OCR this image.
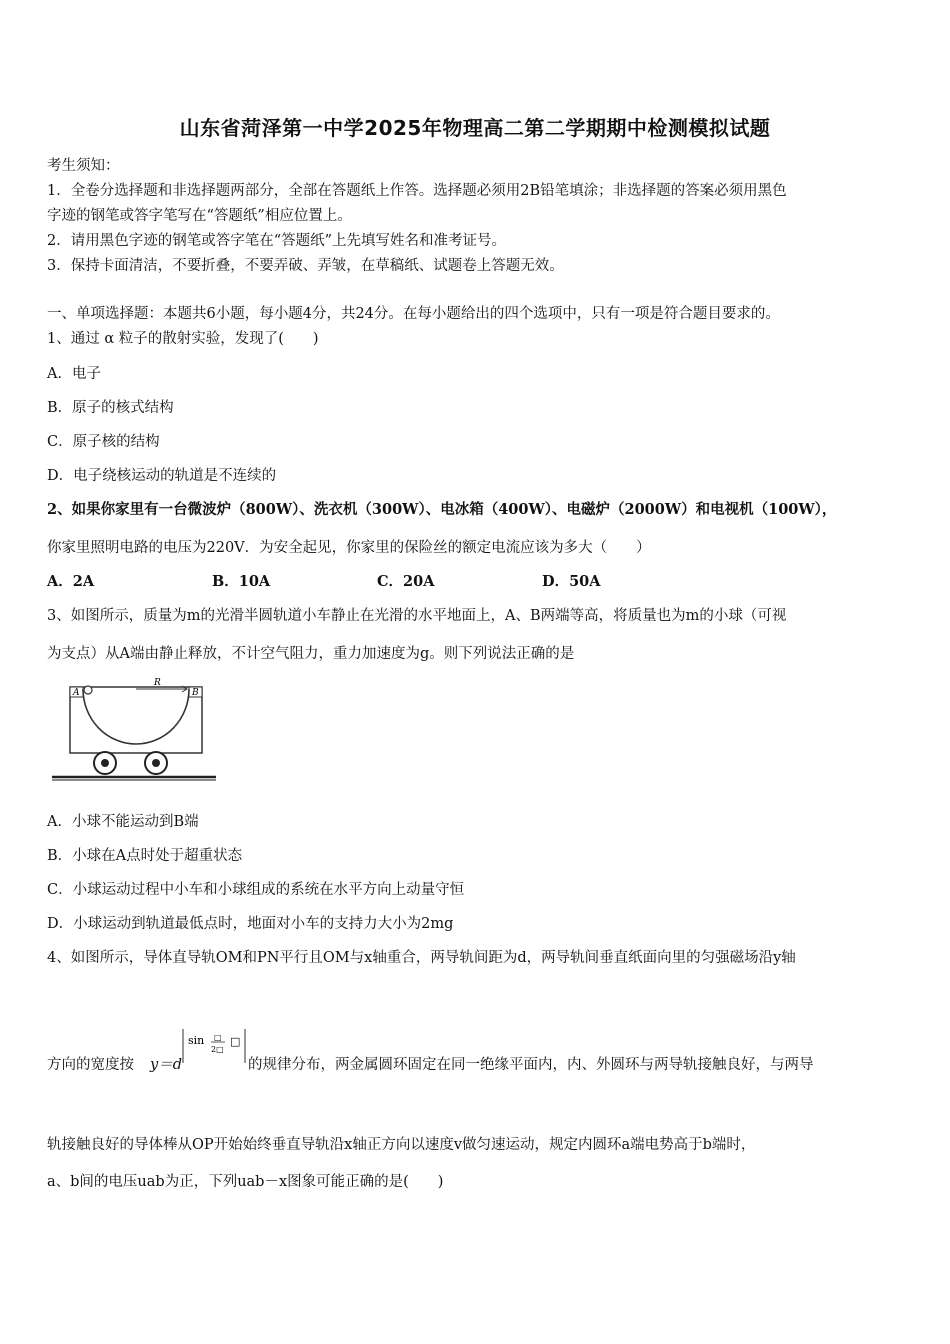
山东省菏泽第一中学2025年物理高二第二学期期中检测模拟试题
考生须知：
1．全卷分选择题和非选择题两部分，全部在答题纸上作答。选择题必须用2B铅笔填涂；非选择题的答案必须用黑色
字迹的钢笔或答字笔写在“答题纸”相应位置上。
2．请用黑色字迹的钢笔或答字笔在“答题纸”上先填写姓名和准考证号。
3．保持卡面清洁，不要折叠，不要弄破、弄皱，在草稿纸、试题卷上答题无效。
一、单项选择题：本题共6小题，每小题4分，共24分。在每小题给出的四个选项中，只有一项是符合题目要求的。
1、通过 α 粒子的散射实验，发现了(　　)
A．电子
B．原子的核式结构
C．原子核的结构
D．电子绕核运动的轨道是不连续的
2、如果你家里有一台微波炉（800W）、洗衣机（300W）、电冰箱（400W）、电磁炉（2000W）和电视机（100W），
你家里照明电路的电压为220V．为安全起见，你家里的保险丝的额定电流应该为多大（　　）
A．2A	B．10A	C．20A	D．50A
3、如图所示，质量为m的光滑半圆轨道小车静止在光滑的水平地面上，A、B两端等高，将质量也为m的小球（可视
为支点）从A端由静止释放，不计空气阻力，重力加速度为g。则下列说法正确的是
A	B
R
A．小球不能运动到B端
B．小球在A点时处于超重状态
C．小球运动过程中小车和小球组成的系统在水平方向上动量守恒
D．小球运动到轨道最低点时，地面对小车的支持力大小为2mg
4、如图所示，导体直导轨OM和PN平行且OM与x轴重合，两导轨间距为d，两导轨间垂直纸面向里的匀强磁场沿y轴
方向的宽度按 y＝d
sin □
2□
□
的规律分布，两金属圆环固定在同一绝缘平面内，内、外圆环与两导轨接触良好，与两导
轨接触良好的导体棒从OP开始始终垂直导轨沿x轴正方向以速度v做匀速运动，规定内圆环a端电势高于b端时，
a、b间的电压uab为正，下列uab－x图象可能正确的是(　　)
